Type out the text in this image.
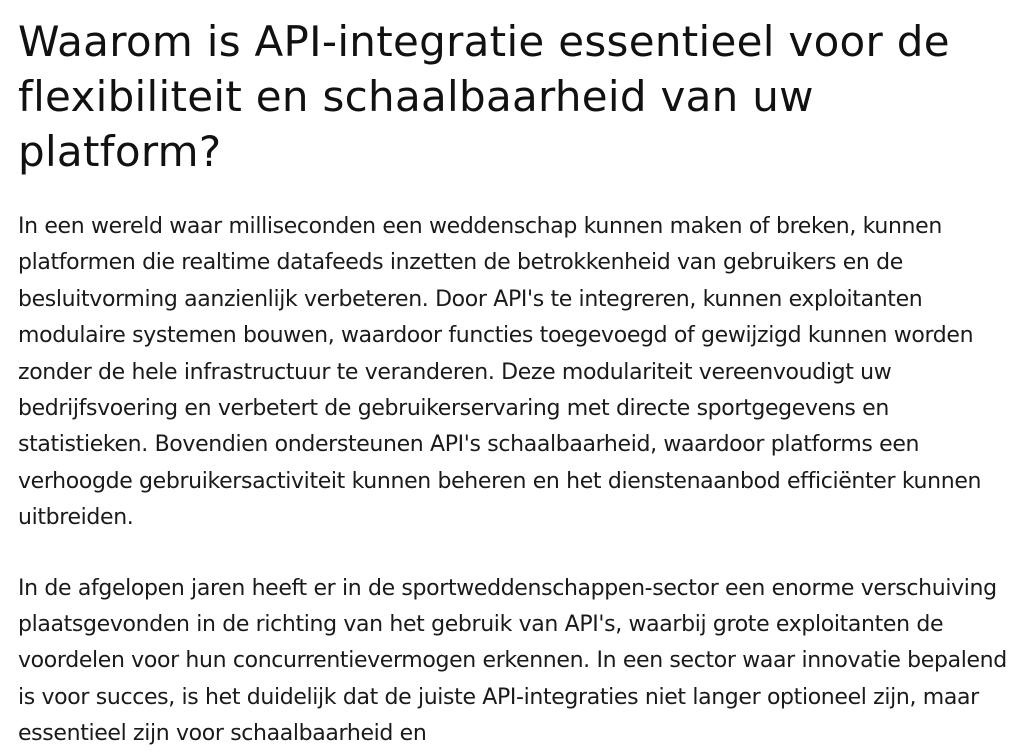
Waarom is API-integratie essentieel voor de flexibiliteit en schaalbaarheid van uw platform?

In een wereld waar milliseconden een weddenschap kunnen maken of breken, kunnen platformen die realtime datafeeds inzetten de betrokkenheid van gebruikers en de besluitvorming aanzienlijk verbeteren. Door API's te integreren, kunnen exploitanten modulaire systemen bouwen, waardoor functies toegevoegd of gewijzigd kunnen worden zonder de hele infrastructuur te veranderen. Deze modulariteit vereenvoudigt uw bedrijfsvoering en verbetert de gebruikerservaring met directe sportgegevens en statistieken. Bovendien ondersteunen API's schaalbaarheid, waardoor platforms een verhoogde gebruikersactiviteit kunnen beheren en het dienstenaanbod efficiënter kunnen uitbreiden.

In de afgelopen jaren heeft er in de sportweddenschappen-sector een enorme verschuiving plaatsgevonden in de richting van het gebruik van API's, waarbij grote exploitanten de voordelen voor hun concurrentievermogen erkennen. In een sector waar innovatie bepalend is voor succes, is het duidelijk dat de juiste API-integraties niet langer optioneel zijn, maar essentieel zijn voor schaalbaarheid en
